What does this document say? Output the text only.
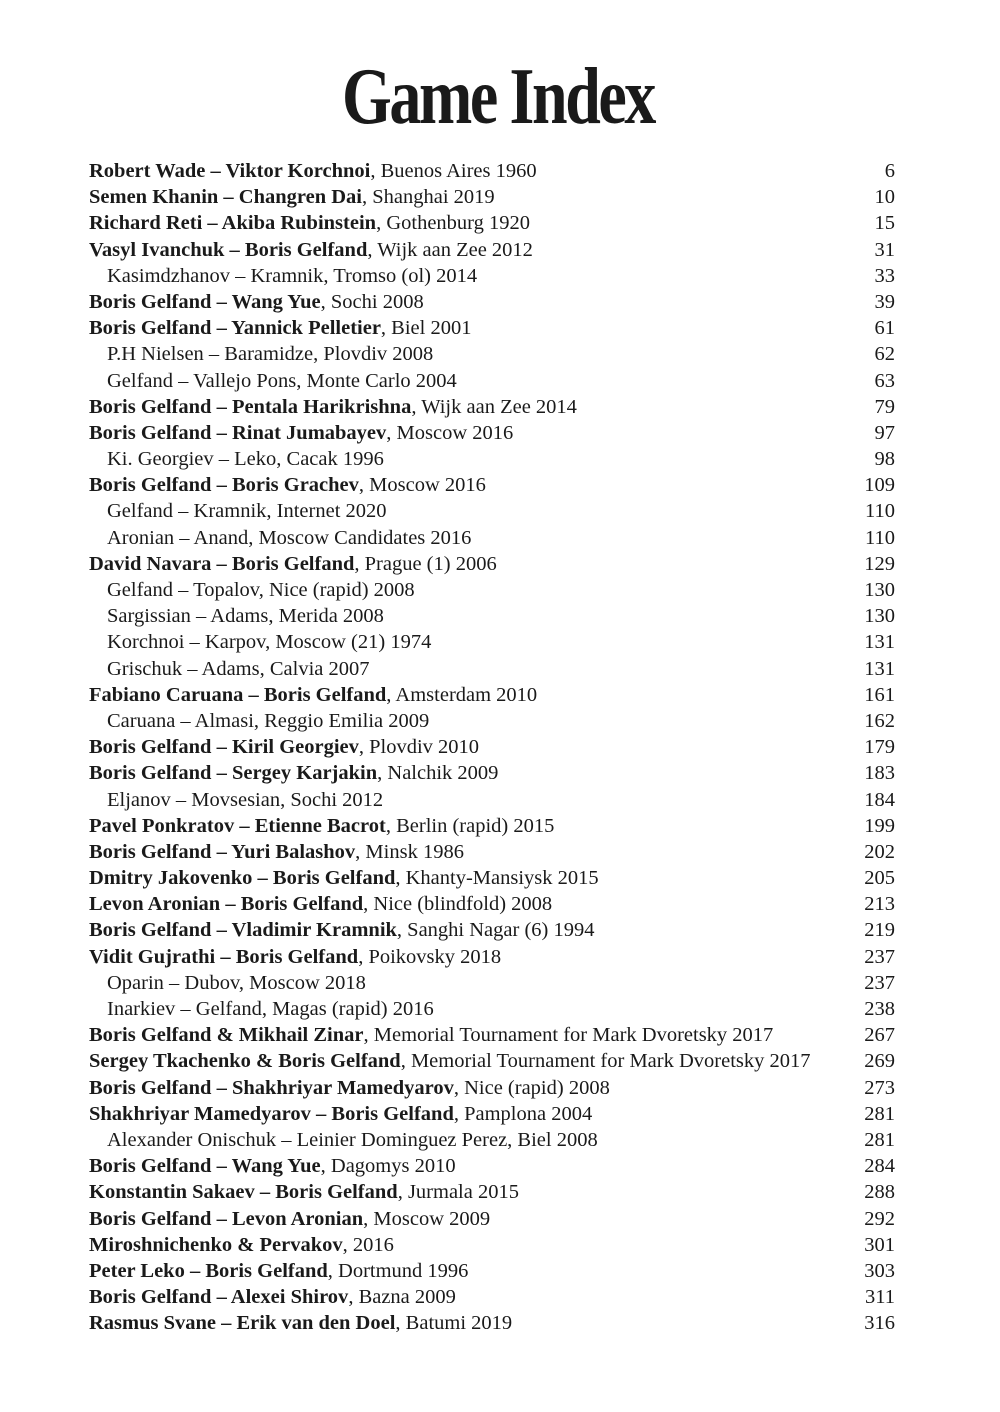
Game Index
Robert Wade – Viktor Korchnoi, Buenos Aires 1960	6
Semen Khanin – Changren Dai, Shanghai 2019	10
Richard Reti – Akiba Rubinstein, Gothenburg 1920	15
Vasyl Ivanchuk – Boris Gelfand, Wijk aan Zee 2012	31
Kasimdzhanov – Kramnik, Tromso (ol) 2014	33
Boris Gelfand – Wang Yue, Sochi 2008	39
Boris Gelfand – Yannick Pelletier, Biel 2001	61
P.H Nielsen – Baramidze, Plovdiv 2008	62
Gelfand – Vallejo Pons, Monte Carlo 2004	63
Boris Gelfand – Pentala Harikrishna, Wijk aan Zee 2014	79
Boris Gelfand – Rinat Jumabayev, Moscow 2016	97
Ki. Georgiev – Leko, Cacak 1996	98
Boris Gelfand – Boris Grachev, Moscow 2016	109
Gelfand – Kramnik, Internet 2020	110
Aronian – Anand, Moscow Candidates 2016	110
David Navara – Boris Gelfand, Prague (1) 2006	129
Gelfand – Topalov, Nice (rapid) 2008	130
Sargissian – Adams, Merida 2008	130
Korchnoi – Karpov, Moscow (21) 1974	131
Grischuk – Adams, Calvia 2007	131
Fabiano Caruana – Boris Gelfand, Amsterdam 2010	161
Caruana – Almasi, Reggio Emilia 2009	162
Boris Gelfand – Kiril Georgiev, Plovdiv 2010	179
Boris Gelfand – Sergey Karjakin, Nalchik 2009	183
Eljanov – Movsesian, Sochi 2012	184
Pavel Ponkratov – Etienne Bacrot, Berlin (rapid) 2015	199
Boris Gelfand – Yuri Balashov, Minsk 1986	202
Dmitry Jakovenko – Boris Gelfand, Khanty-Mansiysk 2015	205
Levon Aronian – Boris Gelfand, Nice (blindfold) 2008	213
Boris Gelfand – Vladimir Kramnik, Sanghi Nagar (6) 1994	219
Vidit Gujrathi – Boris Gelfand, Poikovsky 2018	237
Oparin – Dubov, Moscow 2018	237
Inarkiev – Gelfand, Magas (rapid) 2016	238
Boris Gelfand & Mikhail Zinar, Memorial Tournament for Mark Dvoretsky 2017	267
Sergey Tkachenko & Boris Gelfand, Memorial Tournament for Mark Dvoretsky 2017	269
Boris Gelfand – Shakhriyar Mamedyarov, Nice (rapid) 2008	273
Shakhriyar Mamedyarov – Boris Gelfand, Pamplona 2004	281
Alexander Onischuk – Leinier Dominguez Perez, Biel 2008	281
Boris Gelfand – Wang Yue, Dagomys 2010	284
Konstantin Sakaev – Boris Gelfand, Jurmala 2015	288
Boris Gelfand – Levon Aronian, Moscow 2009	292
Miroshnichenko & Pervakov, 2016	301
Peter Leko – Boris Gelfand, Dortmund 1996	303
Boris Gelfand – Alexei Shirov, Bazna 2009	311
Rasmus Svane – Erik van den Doel, Batumi 2019	316
